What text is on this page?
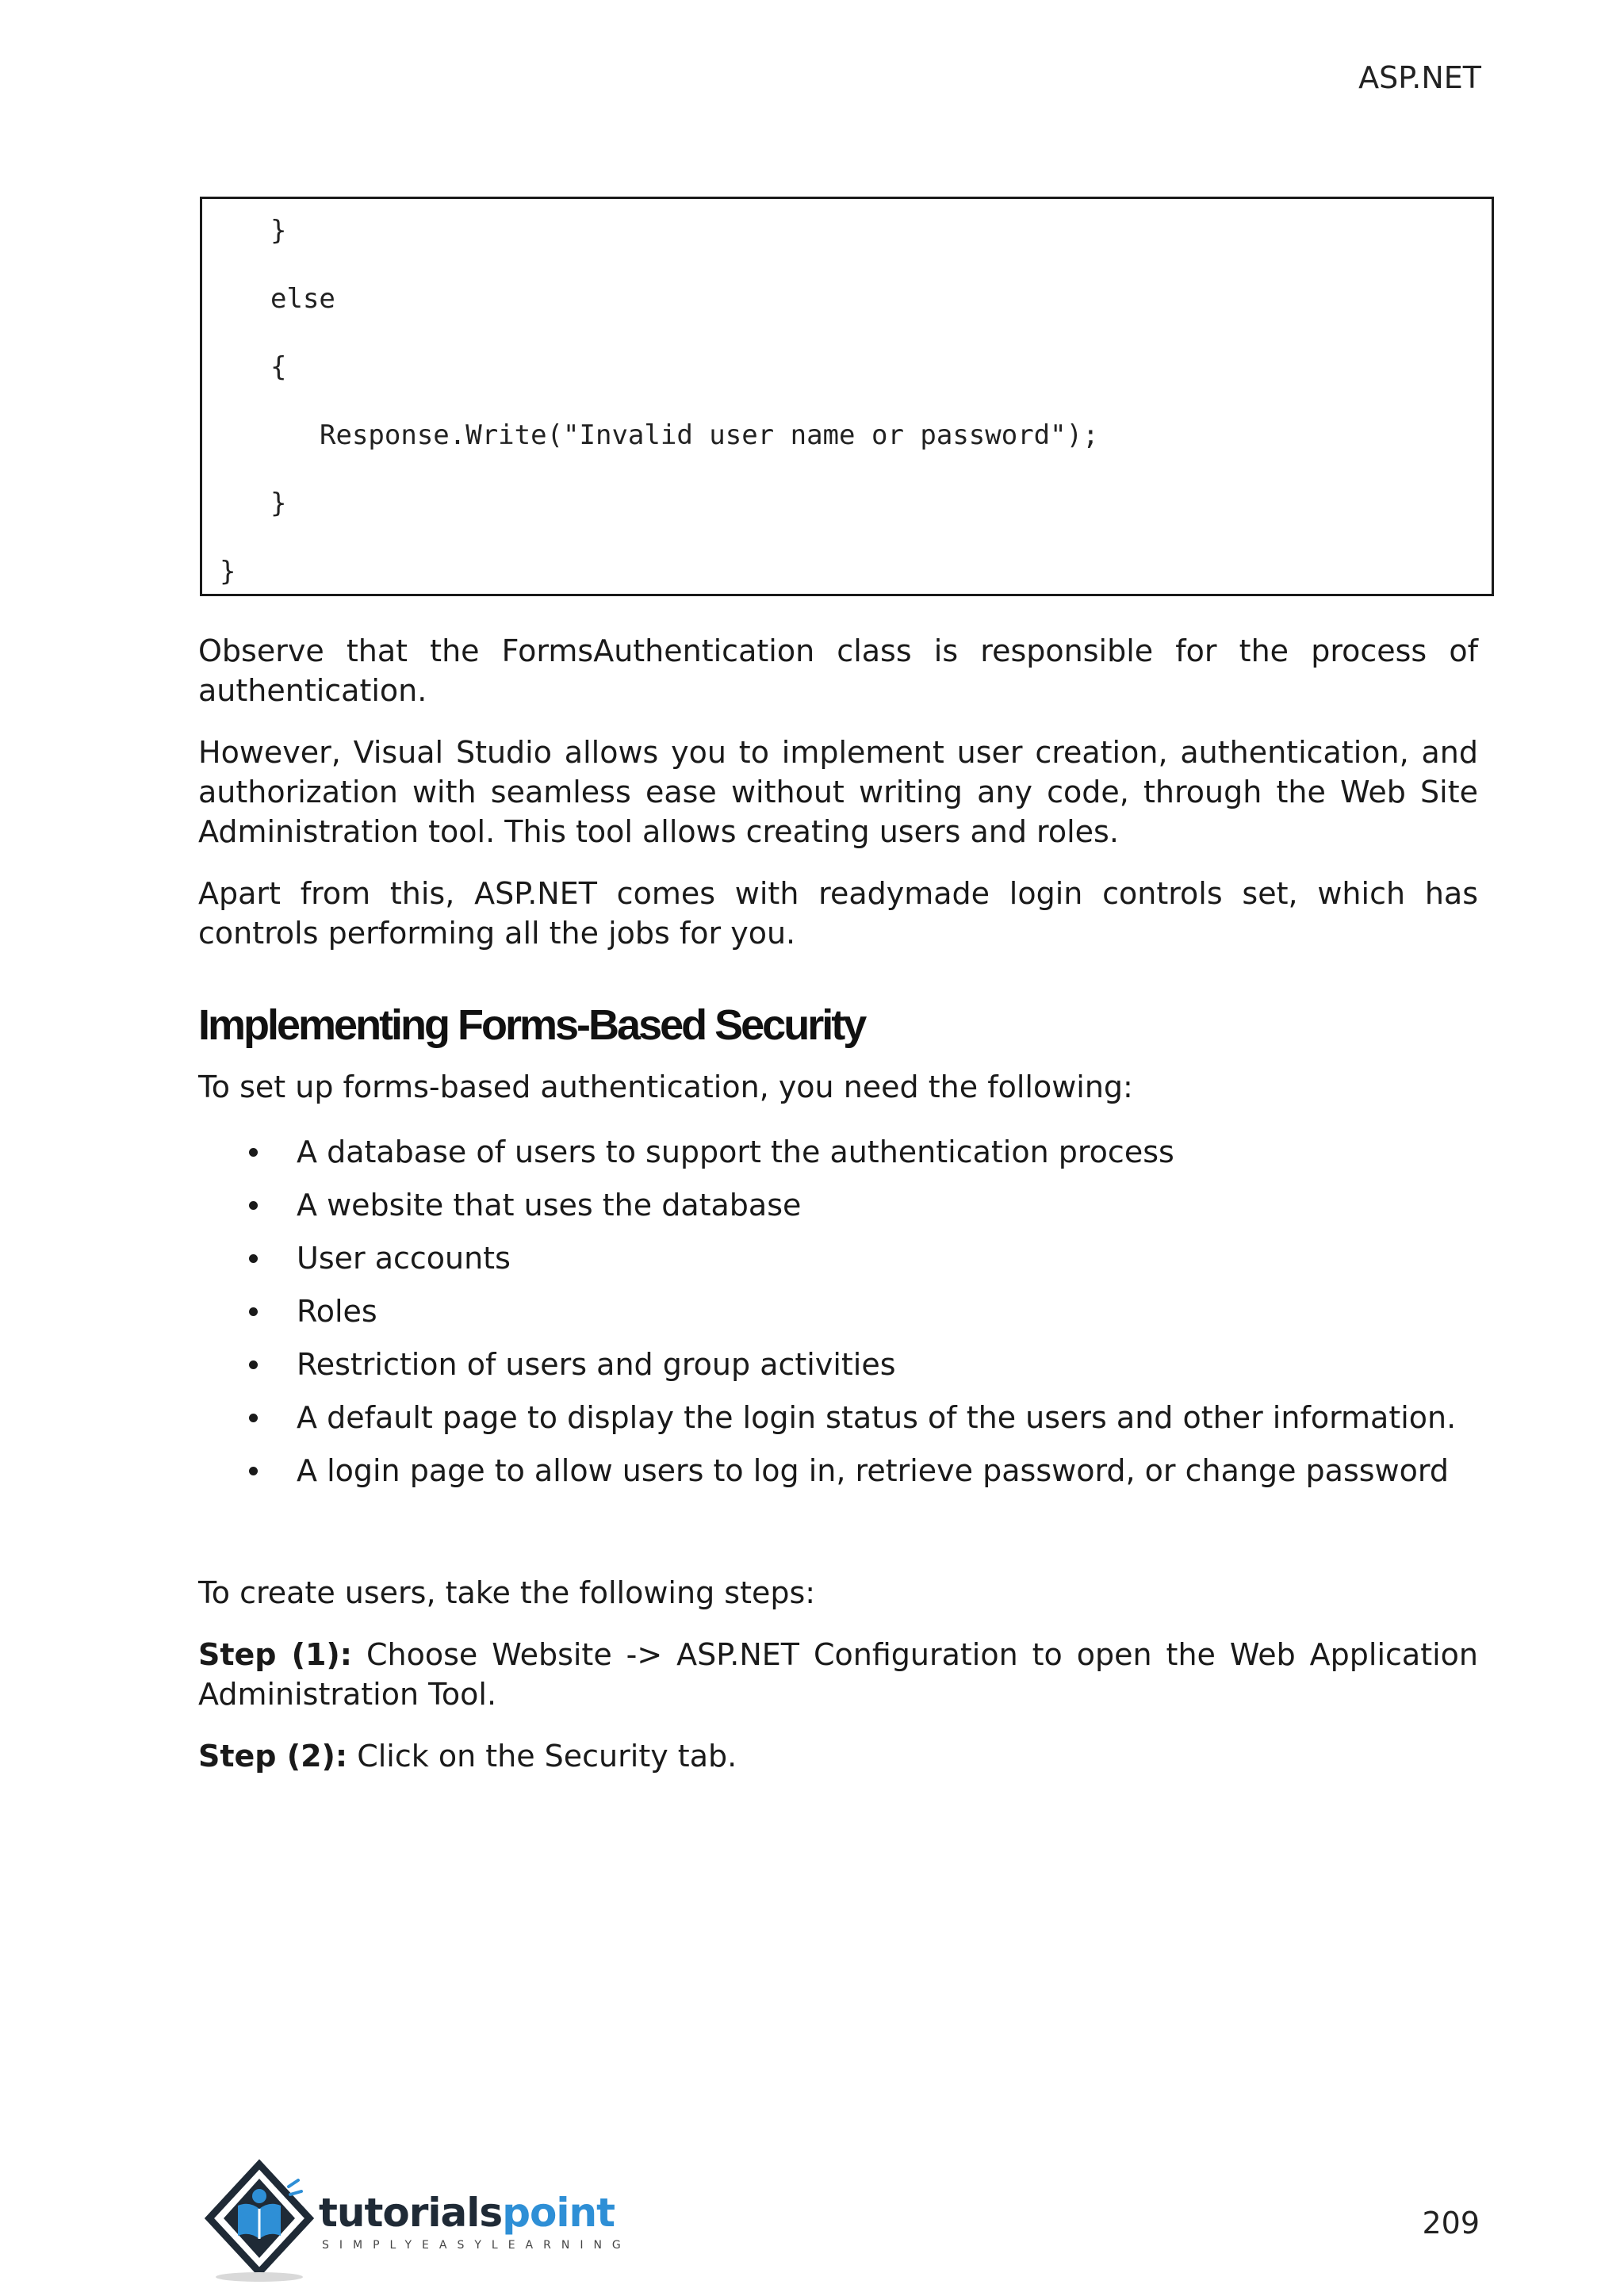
ASP.NET
}
else
{
Response.Write("Invalid user name or password");
}
}

Observe that the FormsAuthentication class is responsible for the process of authentication.

However, Visual Studio allows you to implement user creation, authentication, and authorization with seamless ease without writing any code, through the Web Site Administration tool. This tool allows creating users and roles.

Apart from this, ASP.NET comes with readymade login controls set, which has controls performing all the jobs for you.

Implementing Forms-Based Security

To set up forms-based authentication, you need the following:

A database of users to support the authentication process
A website that uses the database
User accounts
Roles
Restriction of users and group activities
A default page to display the login status of the users and other information.
A login page to allow users to log in, retrieve password, or change password

To create users, take the following steps:

Step (1): Choose Website -> ASP.NET Configuration to open the Web Application Administration Tool.

Step (2): Click on the Security tab.

tutorialspoint
SIMPLYEASYLEARNING
209
